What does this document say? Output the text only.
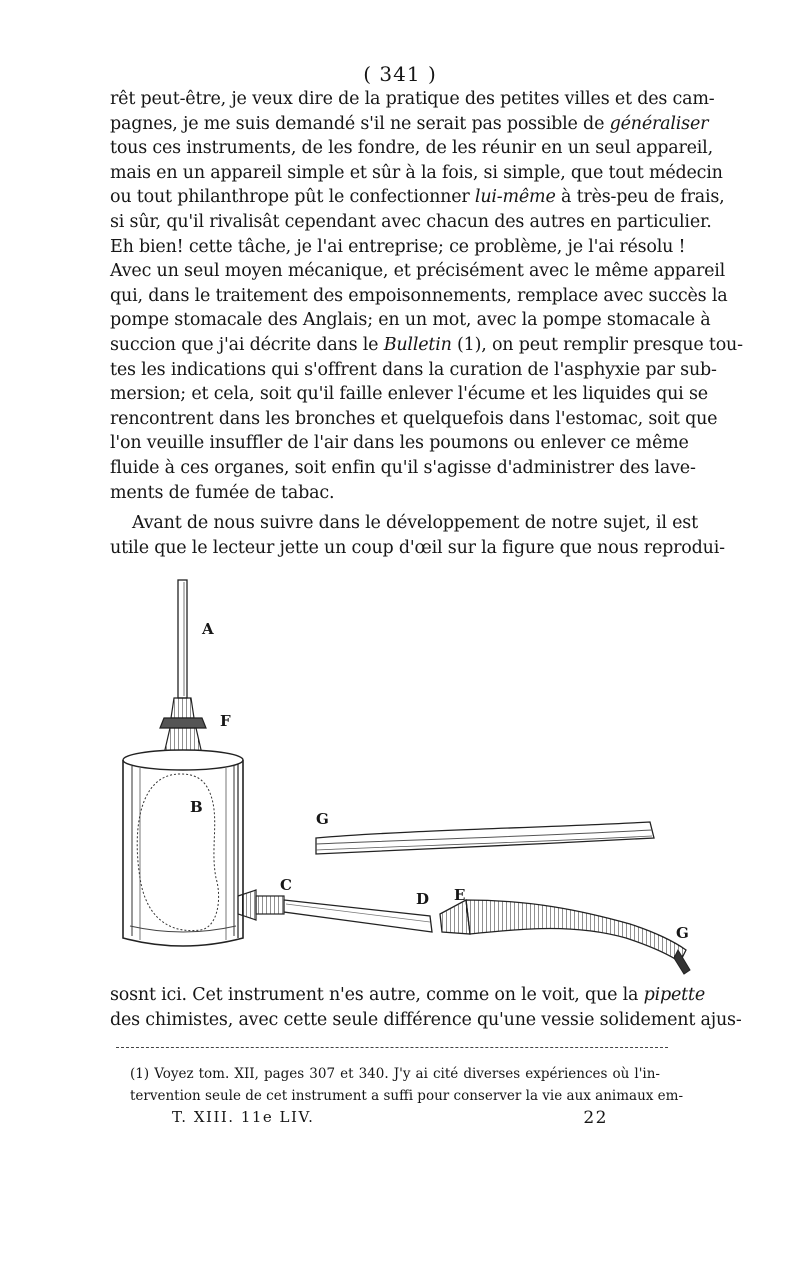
( 341 )
rêt peut-être, je veux dire de la pratique des petites villes et des cam-
pagnes, je me suis demandé s'il ne serait pas possible de généraliser
tous ces instruments, de les fondre, de les réunir en un seul appareil,
mais en un appareil simple et sûr à la fois, si simple, que tout médecin
ou tout philanthrope pût le confectionner lui-même à très-peu de frais,
si sûr, qu'il rivalisât cependant avec chacun des autres en particulier.
Eh bien! cette tâche, je l'ai entreprise; ce problème, je l'ai résolu !
Avec un seul moyen mécanique, et précisément avec le même appareil
qui, dans le traitement des empoisonnements, remplace avec succès la
pompe stomacale des Anglais; en un mot, avec la pompe stomacale à
succion que j'ai décrite dans le Bulletin (1), on peut remplir presque tou-
tes les indications qui s'offrent dans la curation de l'asphyxie par sub-
mersion; et cela, soit qu'il faille enlever l'écume et les liquides qui se
rencontrent dans les bronches et quelquefois dans l'estomac, soit que
l'on veuille insuffler de l'air dans les poumons ou enlever ce même
fluide à ces organes, soit enfin qu'il s'agisse d'administrer des lave-
ments de fumée de tabac.
Avant de nous suivre dans le développement de notre sujet, il est
utile que le lecteur jette un coup d'œil sur la figure que nous reprodui-
A
F
B
G
C
D E
G
sosnt ici. Cet instrument n'es autre, comme on le voit, que la pipette
des chimistes, avec cette seule différence qu'une vessie solidement ajus-
(1) Voyez tom. XII, pages 307 et 340. J'y ai cité diverses expériences où l'in-
tervention seule de cet instrument a suffi pour conserver la vie aux animaux em-
T. XIII. 11e LIV.	22
